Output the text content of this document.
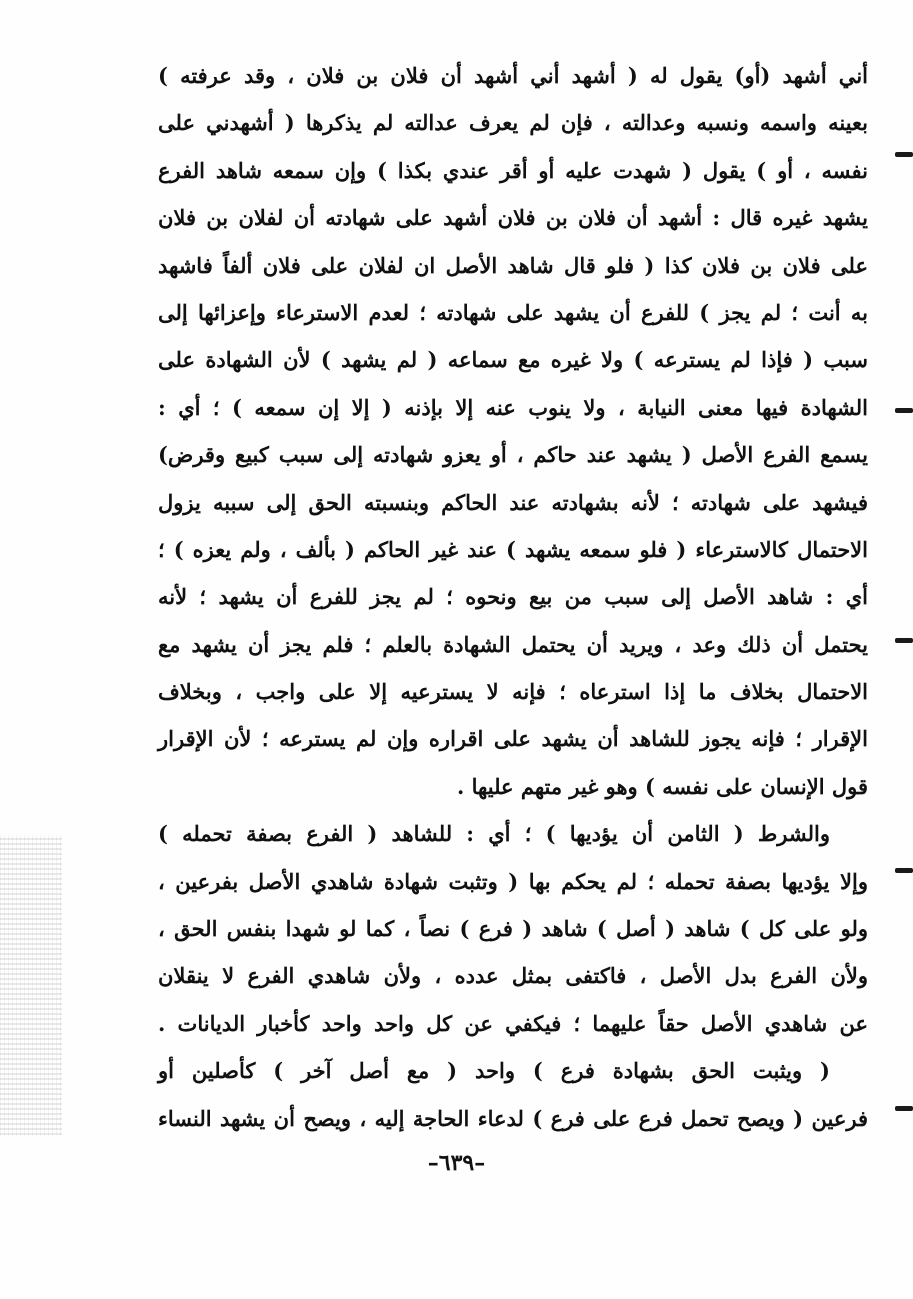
أني أشهد (أو) يقول له ( أشهد أني أشهد أن فلان بن فلان ، وقد عرفته )
بعينه واسمه ونسبه وعدالته ، فإن لم يعرف عدالته لم يذكرها ( أشهدني على
نفسه ، أو ) يقول ( شهدت عليه أو أقر عندي بكذا ) وإن سمعه شاهد الفرع
يشهد غيره قال : أشهد أن فلان بن فلان أشهد على شهادته أن لفلان بن فلان
على فلان بن فلان كذا ( فلو قال شاهد الأصل ان لفلان على فلان ألفاً فاشهد
به أنت ؛ لم يجز ) للفرع أن يشهد على شهادته ؛ لعدم الاسترعاء وإعزائها إلى
سبب ( فإذا لم يسترعه ) ولا غيره مع سماعه ( لم يشهد ) لأن الشهادة على
الشهادة فيها معنى النيابة ، ولا ينوب عنه إلا بإذنه ( إلا إن سمعه ) ؛ أي :
يسمع الفرع الأصل ( يشهد عند حاكم ، أو يعزو شهادته إلى سبب كبيع وقرض)
فيشهد على شهادته ؛ لأنه بشهادته عند الحاكم وبنسبته الحق إلى سببه يزول
الاحتمال كالاسترعاء ( فلو سمعه يشهد ) عند غير الحاكم ( بألف ، ولم يعزه ) ؛
أي : شاهد الأصل إلى سبب من بيع ونحوه ؛ لم يجز للفرع أن يشهد ؛ لأنه
يحتمل أن ذلك وعد ، ويريد أن يحتمل الشهادة بالعلم ؛ فلم يجز أن يشهد مع
الاحتمال بخلاف ما إذا استرعاه ؛ فإنه لا يسترعيه إلا على واجب ، وبخلاف
الإقرار ؛ فإنه يجوز للشاهد أن يشهد على اقراره وإن لم يسترعه ؛ لأن الإقرار
قول الإنسان على نفسه ) وهو غير متهم عليها .
والشرط ( الثامن أن يؤديها ) ؛ أي : للشاهد ( الفرع بصفة تحمله )
وإلا يؤديها بصفة تحمله ؛ لم يحكم بها ( وتثبت شهادة شاهدي الأصل بفرعين ،
ولو على كل ) شاهد ( أصل ) شاهد ( فرع ) نصاً ، كما لو شهدا بنفس الحق ،
ولأن الفرع بدل الأصل ، فاكتفى بمثل عدده ، ولأن شاهدي الفرع لا ينقلان
عن شاهدي الأصل حقاً عليهما ؛ فيكفي عن كل واحد واحد كأخبار الديانات .
( ويثبت الحق بشهادة فرع ) واحد ( مع أصل آخر ) كأصلين أو
فرعين ( ويصح تحمل فرع على فرع ) لدعاء الحاجة إليه ، ويصح أن يشهد النساء
–٦٣٩–
